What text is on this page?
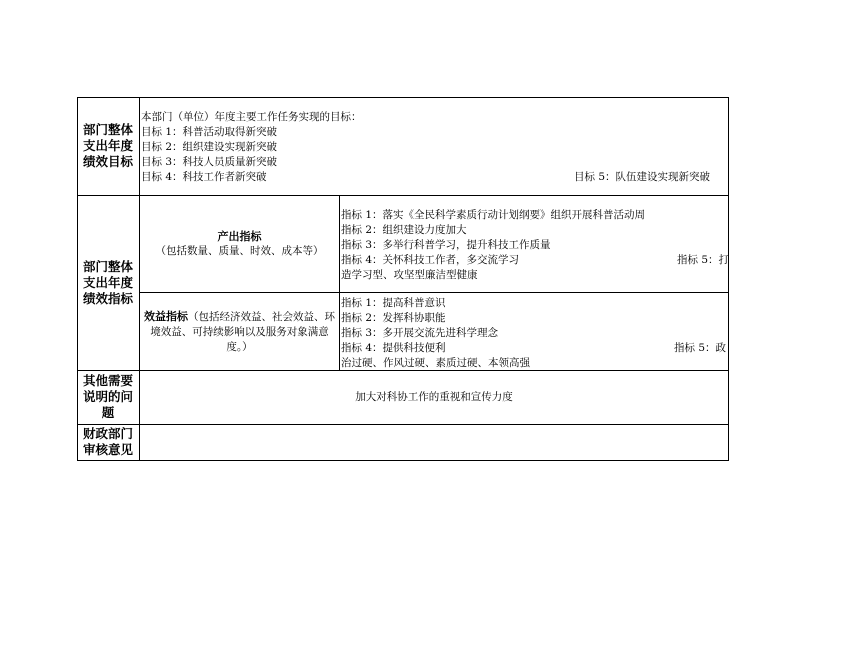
部门整体
支出年度
绩效目标
本部门（单位）年度主要工作任务实现的目标：
目标 1：科普活动取得新突破
目标 2：组织建设实现新突破
目标 3：科技人员质量新突破
目标 4：科技工作者新突破	目标 5：队伍建设实现新突破
部门整体
支出年度
绩效指标
产出指标
（包括数量、质量、时效、成本等）
指标 1：落实《全民科学素质行动计划纲要》组织开展科普活动周
指标 2：组织建设力度加大
指标 3：多举行科普学习，提升科技工作质量
指标 4：关怀科技工作者，多交流学习
造学习型、攻坚型廉洁型健康
指标 5：打
效益指标（包括经济效益、社会效益、环
境效益、可持续影响以及服务对象满意
度。）
指标 1：提高科普意识
指标 2：发挥科协职能
指标 3：多开展交流先进科学理念
指标 4：提供科技便利
治过硬、作风过硬、素质过硬、本领高强
指标 5：政
其他需要
说明的问
题
加大对科协工作的重视和宣传力度
财政部门
审核意见
